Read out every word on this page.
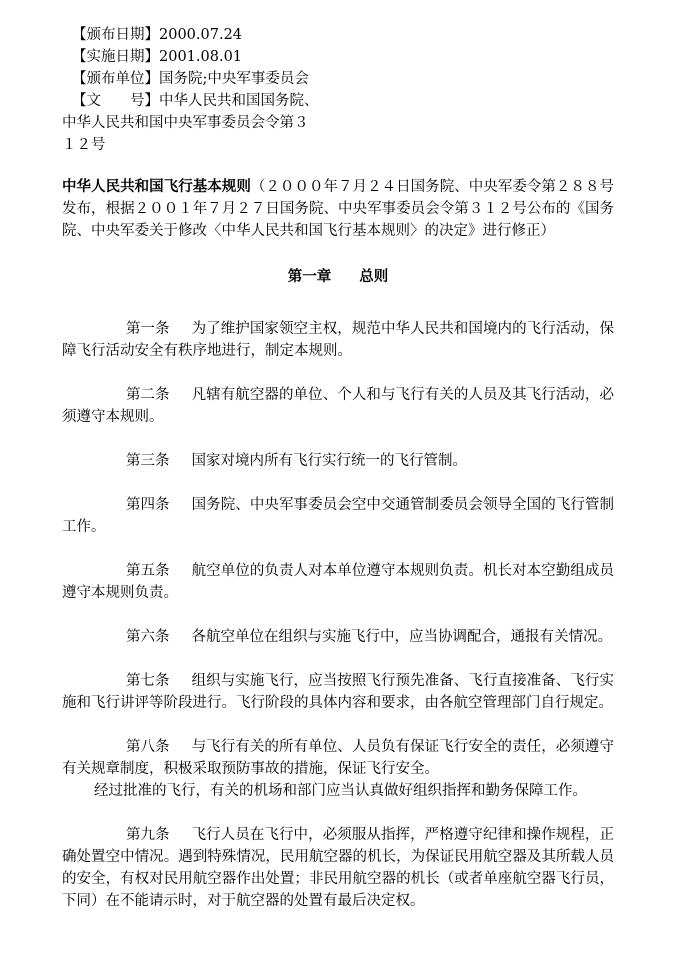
【颁布日期】2000.07.24
【实施日期】2001.08.01
【颁布单位】国务院;中央军事委员会
【文　　号】中华人民共和国国务院、
中华人民共和国中央军事委员会令第３
１２号
中华人民共和国飞行基本规则（２０００年７月２４日国务院、中央军委令第２８８号发布，根据２００１年７月２７日国务院、中央军事委员会令第３１２号公布的《国务院、中央军委关于修改〈中华人民共和国飞行基本规则〉的决定》进行修正）
第一章 总则

第一条 为了维护国家领空主权，规范中华人民共和国境内的飞行活动，保障飞行活动安全有秩序地进行，制定本规则。

第二条 凡辖有航空器的单位、个人和与飞行有关的人员及其飞行活动，必须遵守本规则。

第三条 国家对境内所有飞行实行统一的飞行管制。

第四条 国务院、中央军事委员会空中交通管制委员会领导全国的飞行管制工作。

第五条 航空单位的负责人对本单位遵守本规则负责。机长对本空勤组成员遵守本规则负责。

第六条 各航空单位在组织与实施飞行中，应当协调配合，通报有关情况。

第七条 组织与实施飞行，应当按照飞行预先准备、飞行直接准备、飞行实施和飞行讲评等阶段进行。飞行阶段的具体内容和要求，由各航空管理部门自行规定。

第八条 与飞行有关的所有单位、人员负有保证飞行安全的责任，必须遵守有关规章制度，积极采取预防事故的措施，保证飞行安全。

经过批准的飞行，有关的机场和部门应当认真做好组织指挥和勤务保障工作。

第九条 飞行人员在飞行中，必须服从指挥，严格遵守纪律和操作规程，正确处置空中情况。遇到特殊情况，民用航空器的机长，为保证民用航空器及其所载人员的安全，有权对民用航空器作出处置；非民用航空器的机长（或者单座航空器飞行员，下同）在不能请示时，对于航空器的处置有最后决定权。
